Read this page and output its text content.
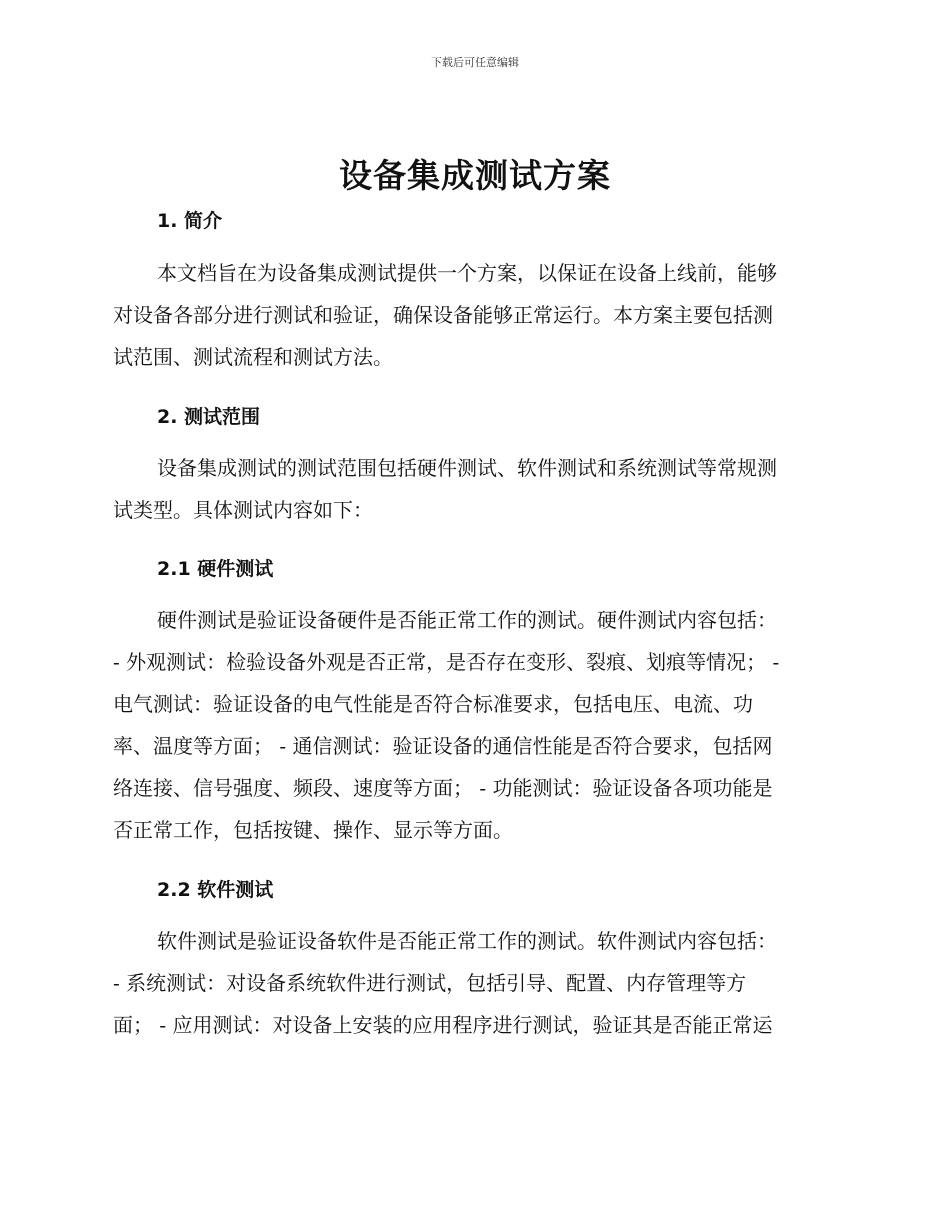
下载后可任意编辑
设备集成测试方案
1. 简介
本文档旨在为设备集成测试提供一个方案，以保证在设备上线前，能够
对设备各部分进行测试和验证，确保设备能够正常运行。本方案主要包括测
试范围、测试流程和测试方法。
2. 测试范围
设备集成测试的测试范围包括硬件测试、软件测试和系统测试等常规测
试类型。具体测试内容如下：
2.1 硬件测试
硬件测试是验证设备硬件是否能正常工作的测试。硬件测试内容包括：
- 外观测试：检验设备外观是否正常，是否存在变形、裂痕、划痕等情况； -
电气测试：验证设备的电气性能是否符合标准要求，包括电压、电流、功
率、温度等方面； - 通信测试：验证设备的通信性能是否符合要求，包括网
络连接、信号强度、频段、速度等方面； - 功能测试：验证设备各项功能是
否正常工作，包括按键、操作、显示等方面。
2.2 软件测试
软件测试是验证设备软件是否能正常工作的测试。软件测试内容包括：
- 系统测试：对设备系统软件进行测试，包括引导、配置、内存管理等方
面； - 应用测试：对设备上安装的应用程序进行测试，验证其是否能正常运
